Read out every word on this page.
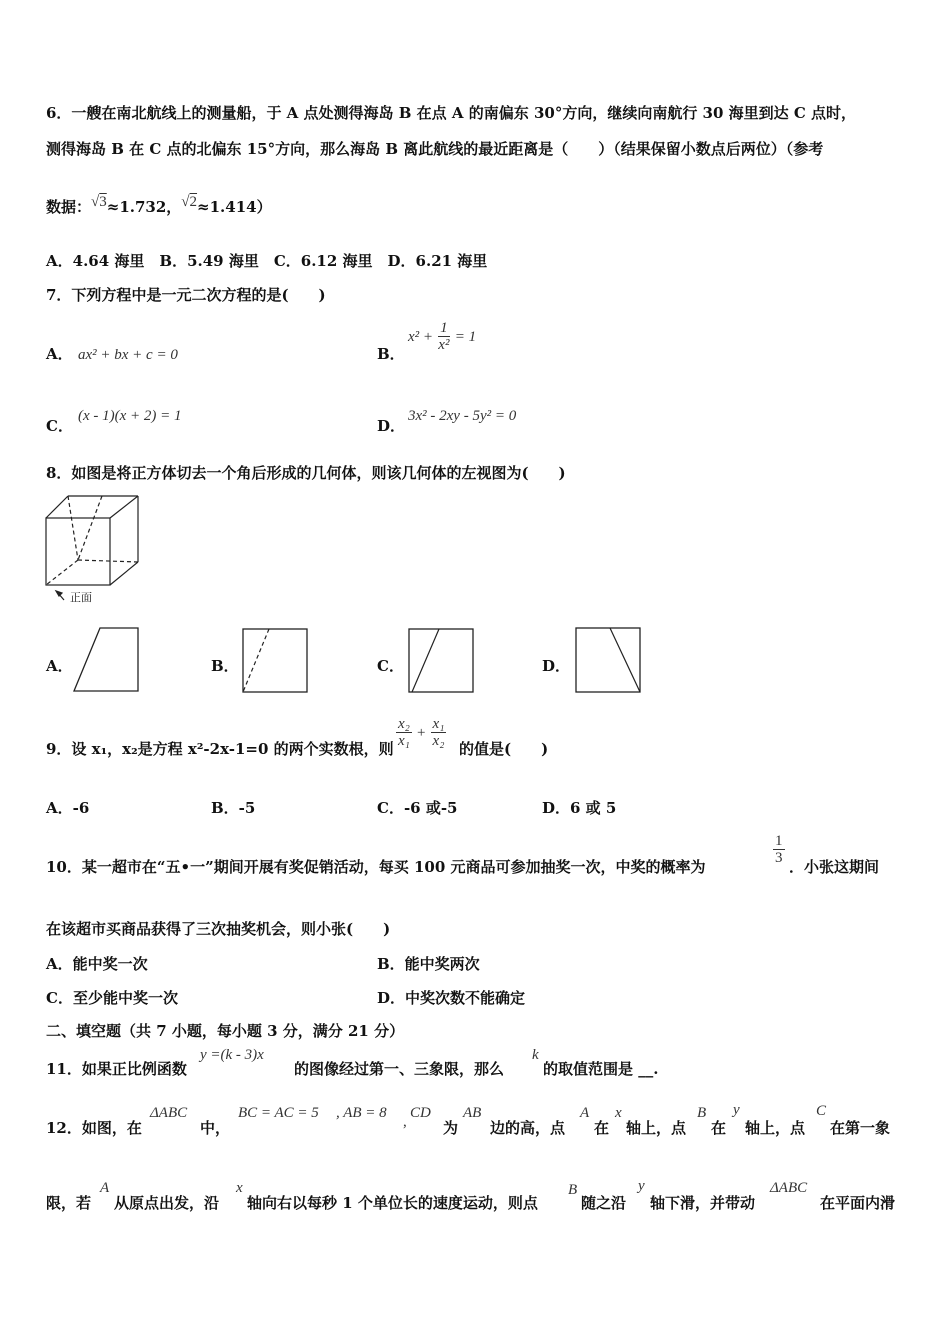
6．一艘在南北航线上的测量船，于 A 点处测得海岛 B 在点 A 的南偏东 30°方向，继续向南航行 30 海里到达 C 点时，
测得海岛 B 在 C 点的北偏东 15°方向，那么海岛 B 离此航线的最近距离是（　　）（结果保留小数点后两位）（参考
数据：√3≈1.732，√2≈1.414）
A．4.64 海里　B．5.49 海里　C．6.12 海里　D．6.21 海里
7．下列方程中是一元二次方程的是(　　)
A． ax² + bx + c = 0	B．
$x^2 + \frac{1}{\text{x²}} = 1$
C．
(x - 1)(x + 2) = 1
D．
3x² - 2xy - 5y² = 0
8．如图是将正方体切去一个角后形成的几何体，则该几何体的左视图为(　　)
正面
A．	B．	C．	D．
9．设 x₁，x₂是方程 x²-2x-1=0 的两个实数根，则 $\frac{\text{x₂}}{\text{x₁}} + \frac{\text{x₁}}{\text{x₂}}$ 的值是(　　)
A．-6	B．-5	C．-6 或-5	D．6 或 5
10．某一超市在“五•一”期间开展有奖促销活动，每买 100 元商品可参加抽奖一次，中奖的概率为
$\frac{1}{3}$
．小张这期间
在该超市买商品获得了三次抽奖机会，则小张(　　)
A．能中奖一次	B．能中奖两次
C．至少能中奖一次	D．中奖次数不能确定
二、填空题（共 7 小题，每小题 3 分，满分 21 分）
11．如果正比例函数
y =(k - 3)x
的图像经过第一、三象限，那么
k
的取值范围是 __.
12．如图，在
ΔABC
中，
BC = AC = 5 , AB = 8
,
CD
为
AB
边的高，点
A
在
x
轴上，点
B
在
y
轴上，点
C
在第一象
限，若
A
从原点出发，沿
x
轴向右以每秒 1 个单位长的速度运动，则点
B
随之沿
y
轴下滑，并带动
ΔABC
在平面内滑
